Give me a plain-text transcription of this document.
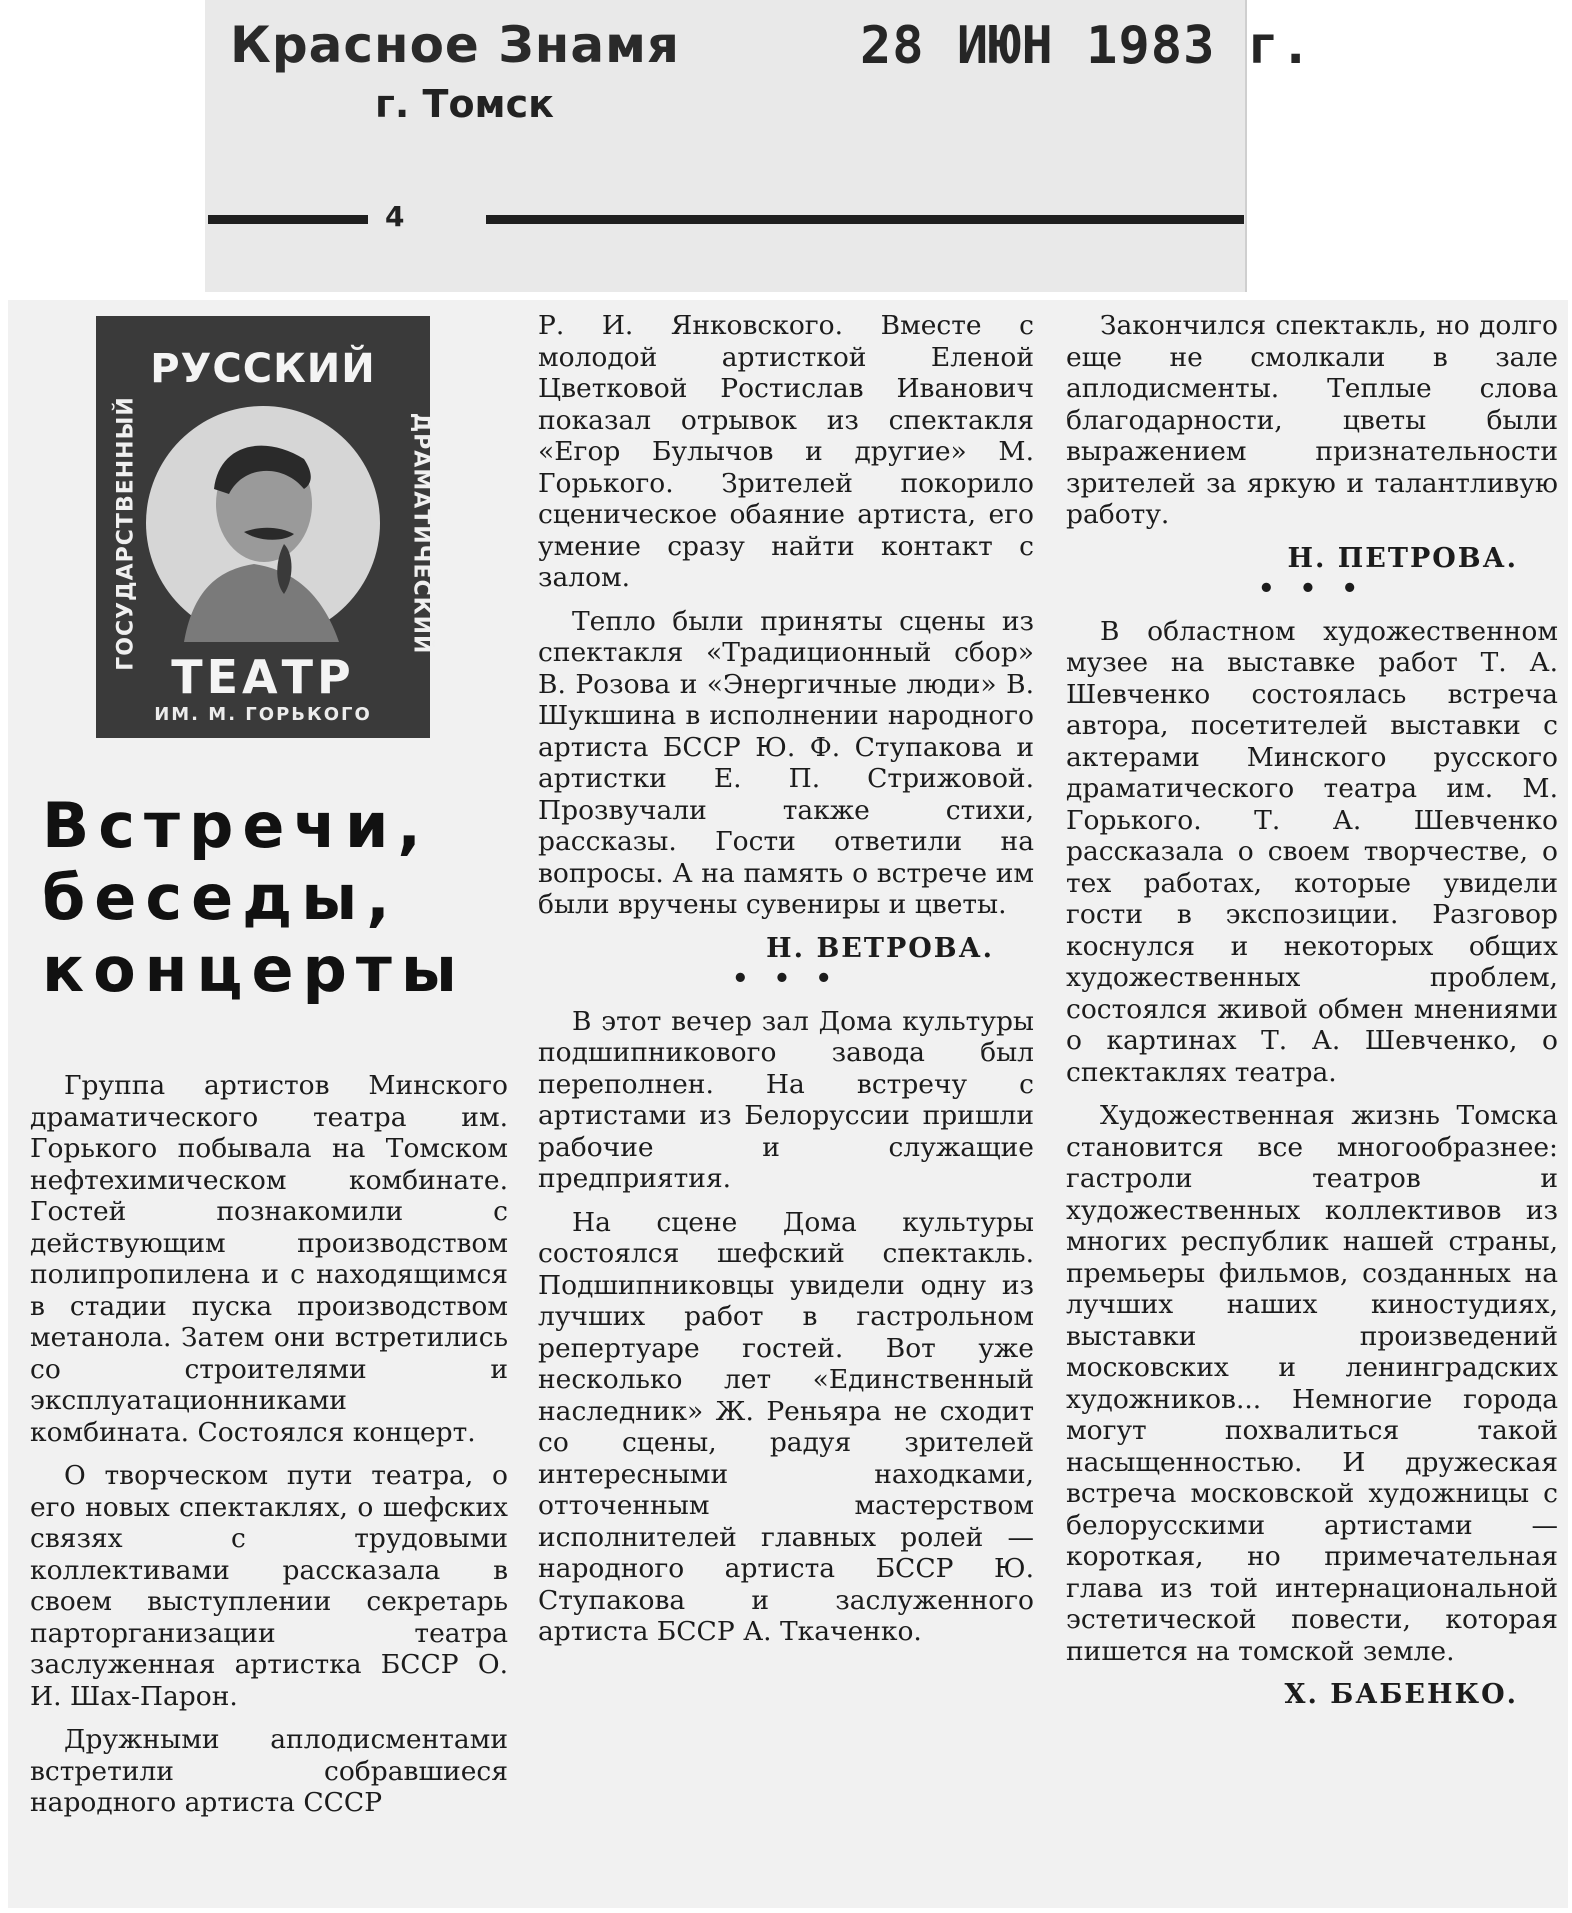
Красное Знамя
г. Томск
28 ИЮН 1983 г.
4
РУССКИЙ
ГОСУДАРСТВЕННЫЙ	ДРАМАТИЧЕСКИЙ
ТЕАТР
ИМ. М. ГОРЬКОГО
Встречи, беседы, концерты

Группа артистов Минского драматического театра им. Горького побывала на Томском нефтехимическом комбинате. Гостей познакомили с действующим производством полипропилена и с находящимся в стадии пуска производством метанола. Затем они встретились со строителями и эксплуатационниками комбината. Состоялся концерт.

О творческом пути театра, о его новых спектаклях, о шефских связях с трудовыми коллективами рассказала в своем выступлении секретарь парторганизации театра заслуженная артистка БССР О. И. Шах-Парон.

Дружными аплодисментами встретили собравшиеся народного артиста СССР

Р. И. Янковского. Вместе с молодой артисткой Еленой Цветковой Ростислав Иванович показал отрывок из спектакля «Егор Булычов и другие» М. Горького. Зрителей покорило сценическое обаяние артиста, его умение сразу найти контакт с залом.

Тепло были приняты сцены из спектакля «Традиционный сбор» В. Розова и «Энергичные люди» В. Шукшина в исполнении народного артиста БССР Ю. Ф. Ступакова и артистки Е. П. Стрижовой. Прозвучали также стихи, рассказы. Гости ответили на вопросы. А на память о встрече им были вручены сувениры и цветы.

Н. ВЕТРОВА.
• • •

В этот вечер зал Дома культуры подшипникового завода был переполнен. На встречу с артистами из Белоруссии пришли рабочие и служащие предприятия.

На сцене Дома культуры состоялся шефский спектакль. Подшипниковцы увидели одну из лучших работ в гастрольном репертуаре гостей. Вот уже несколько лет «Единственный наследник» Ж. Реньяра не сходит со сцены, радуя зрителей интересными находками, отточенным мастерством исполнителей главных ролей — народного артиста БССР Ю. Ступакова и заслуженного артиста БССР А. Ткаченко.

Закончился спектакль, но долго еще не смолкали в зале аплодисменты. Теплые слова благодарности, цветы были выражением признательности зрителей за яркую и талантливую работу.

Н. ПЕТРОВА.
• • •

В областном художественном музее на выставке работ Т. А. Шевченко состоялась встреча автора, посетителей выставки с актерами Минского русского драматического театра им. М. Горького. Т. А. Шевченко рассказала о своем творчестве, о тех работах, которые увидели гости в экспозиции. Разговор коснулся и некоторых общих художественных проблем, состоялся живой обмен мнениями о картинах Т. А. Шевченко, о спектаклях театра.

Художественная жизнь Томска становится все многообразнее: гастроли театров и художественных коллективов из многих республик нашей страны, премьеры фильмов, созданных на лучших наших киностудиях, выставки произведений московских и ленинградских художников... Немногие города могут похвалиться такой насыщенностью. И дружеская встреча московской художницы с белорусскими артистами — короткая, но примечательная глава из той интернациональной эстетической повести, которая пишется на томской земле.

Х. БАБЕНКО.
